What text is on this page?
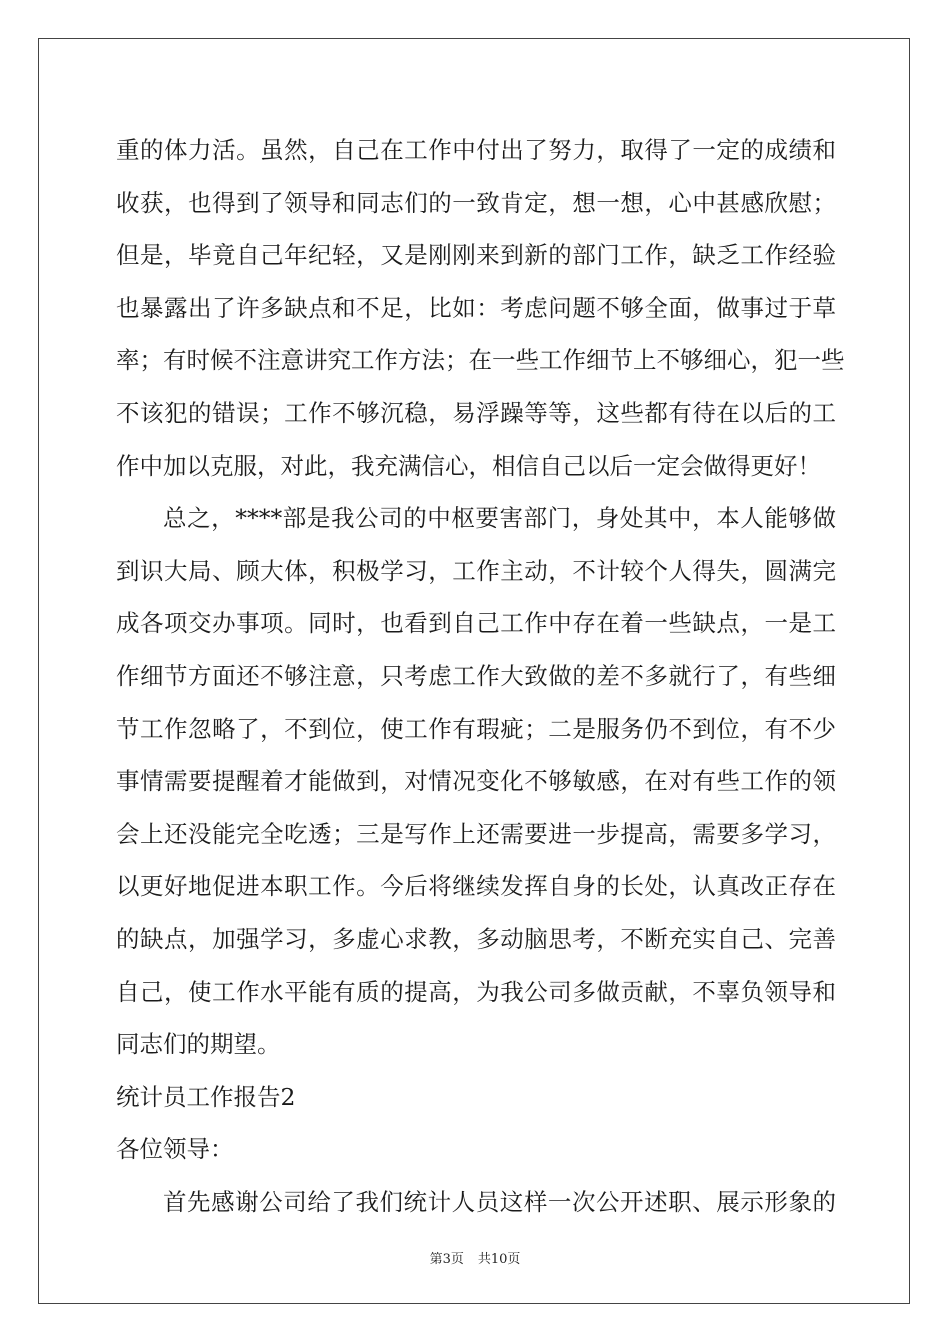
重的体力活。虽然，自己在工作中付出了努力，取得了一定的成绩和
收获，也得到了领导和同志们的一致肯定，想一想，心中甚感欣慰；
但是，毕竟自己年纪轻，又是刚刚来到新的部门工作，缺乏工作经验
也暴露出了许多缺点和不足，比如：考虑问题不够全面，做事过于草
率；有时候不注意讲究工作方法；在一些工作细节上不够细心，犯一些
不该犯的错误；工作不够沉稳，易浮躁等等，这些都有待在以后的工
作中加以克服，对此，我充满信心，相信自己以后一定会做得更好！
总之，****部是我公司的中枢要害部门，身处其中，本人能够做
到识大局、顾大体，积极学习，工作主动，不计较个人得失，圆满完
成各项交办事项。同时，也看到自己工作中存在着一些缺点，一是工
作细节方面还不够注意，只考虑工作大致做的差不多就行了，有些细
节工作忽略了，不到位，使工作有瑕疵；二是服务仍不到位，有不少
事情需要提醒着才能做到，对情况变化不够敏感，在对有些工作的领
会上还没能完全吃透；三是写作上还需要进一步提高，需要多学习，
以更好地促进本职工作。今后将继续发挥自身的长处，认真改正存在
的缺点，加强学习，多虚心求教，多动脑思考，不断充实自己、完善
自己，使工作水平能有质的提高，为我公司多做贡献，不辜负领导和
同志们的期望。
统计员工作报告2
各位领导：
首先感谢公司给了我们统计人员这样一次公开述职、展示形象的
第3页 共10页
